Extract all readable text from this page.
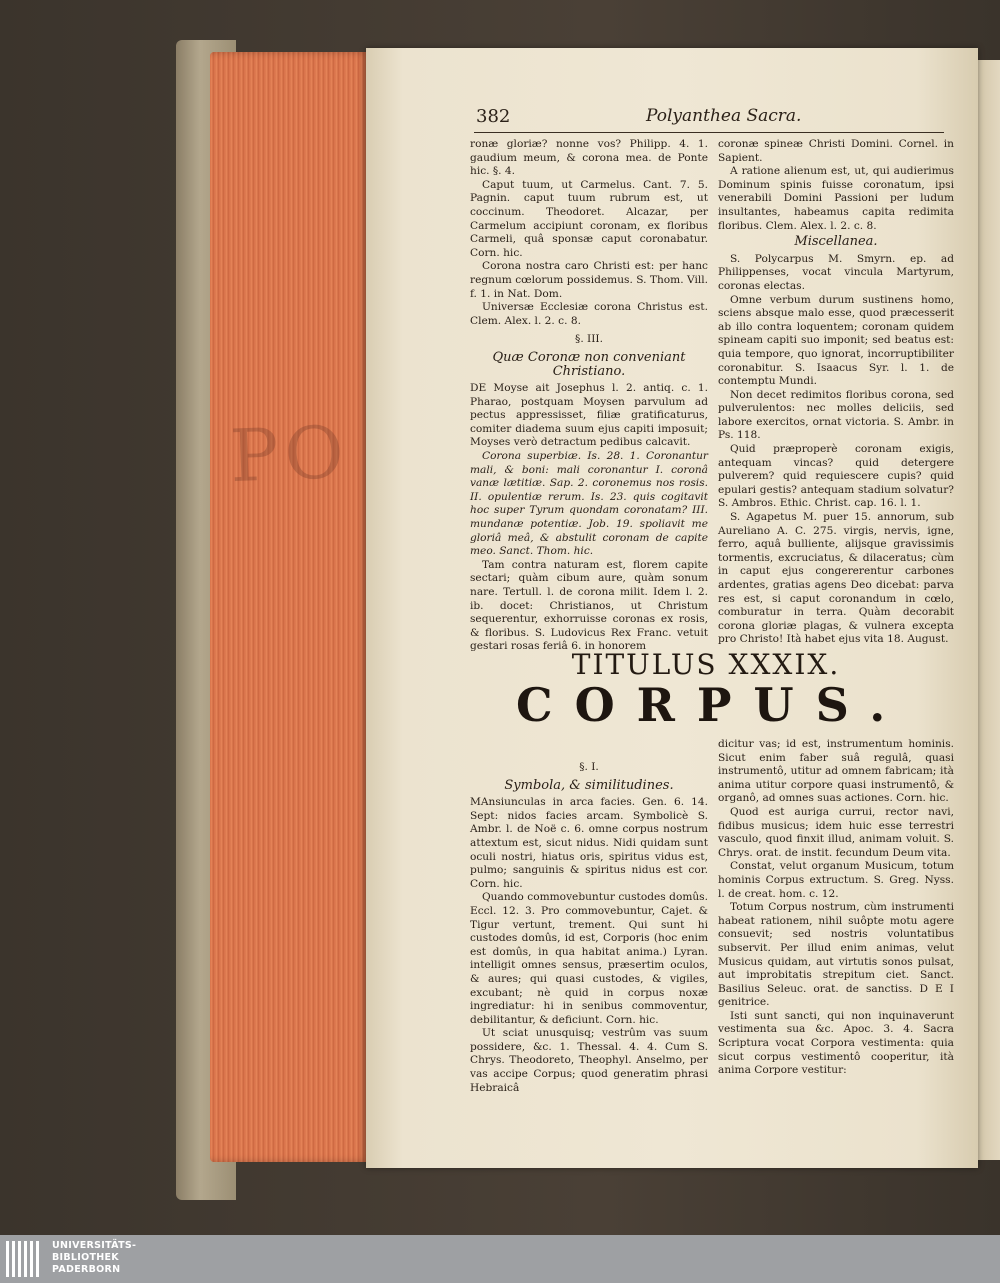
PO
382	Polyanthea Sacra.

ronæ gloriæ? nonne vos? Philipp. 4. 1. gaudium meum, & corona mea. de Ponte hic. §. 4.

Caput tuum, ut Carmelus. Cant. 7. 5. Pagnin. caput tuum rubrum est, ut coccinum. Theodoret. Alcazar, per Carmelum accipiunt coronam, ex floribus Carmeli, quâ sponsæ caput coronabatur. Corn. hic.

Corona nostra caro Christi est: per hanc regnum cœlorum possidemus. S. Thom. Vill. f. 1. in Nat. Dom.

Universæ Ecclesiæ corona Christus est. Clem. Alex. l. 2. c. 8.

§. III.
Quæ Coronæ non conveniant Christiano.

DE Moyse ait Josephus l. 2. antiq. c. 1. Pharao, postquam Moysen parvulum ad pectus appressisset, filiæ gratificaturus, comiter diadema suum ejus capiti imposuit; Moyses verò detractum pedibus calcavit.

Corona superbiæ. Is. 28. 1. Coronantur mali, & boni: mali coronantur I. coronâ vanæ lætitiæ. Sap. 2. coronemus nos rosis. II. opulentiæ rerum. Is. 23. quis cogitavit hoc super Tyrum quondam coronatam? III. mundanæ potentiæ. Job. 19. spoliavit me gloriâ meâ, & abstulit coronam de capite meo. Sanct. Thom. hic.

Tam contra naturam est, florem capite sectari; quàm cibum aure, quàm sonum nare. Tertull. l. de corona milit. Idem l. 2. ib. docet: Christianos, ut Christum sequerentur, exhorruisse coronas ex rosis, & floribus. S. Ludovicus Rex Franc. vetuit gestari rosas feriâ 6. in honorem

coronæ spineæ Christi Domini. Cornel. in Sapient.

A ratione alienum est, ut, qui audierimus Dominum spinis fuisse coronatum, ipsi venerabili Domini Passioni per ludum insultantes, habeamus capita redimita floribus. Clem. Alex. l. 2. c. 8.

Miscellanea.

S. Polycarpus M. Smyrn. ep. ad Philippenses, vocat vincula Martyrum, coronas electas.

Omne verbum durum sustinens homo, sciens absque malo esse, quod præcesserit ab illo contra loquentem; coronam quidem spineam capiti suo imponit; sed beatus est: quia tempore, quo ignorat, incorruptibiliter coronabitur. S. Isaacus Syr. l. 1. de contemptu Mundi.

Non decet redimitos floribus corona, sed pulverulentos: nec molles deliciis, sed labore exercitos, ornat victoria. S. Ambr. in Ps. 118.

Quid præproperè coronam exigis, antequam vincas? quid detergere pulverem? quid requiescere cupis? quid epulari gestis? antequam stadium solvatur? S. Ambros. Ethic. Christ. cap. 16. l. 1.

S. Agapetus M. puer 15. annorum, sub Aureliano A. C. 275. virgis, nervis, igne, ferro, aquâ bulliente, alijsque gravissimis tormentis, excruciatus, & dilaceratus; cùm in caput ejus congererentur carbones ardentes, gratias agens Deo dicebat: parva res est, si caput coronandum in cœlo, comburatur in terra. Quàm decorabit corona gloriæ plagas, & vulnera excepta pro Christo! Ità habet ejus vita 18. August.

TITULUS XXXIX.
CORPUS.
§. I.
Symbola, & similitudines.

MAnsiunculas in arca facies. Gen. 6. 14. Sept: nidos facies arcam. Symbolicè S. Ambr. l. de Noë c. 6. omne corpus nostrum attextum est, sicut nidus. Nidi quidam sunt oculi nostri, hiatus oris, spiritus vidus est, pulmo; sanguinis & spiritus nidus est cor. Corn. hic.

Quando commovebuntur custodes domûs. Eccl. 12. 3. Pro commovebuntur, Cajet. & Tigur vertunt, trement. Qui sunt hi custodes domûs, id est, Corporis (hoc enim est domûs, in qua habitat anima.) Lyran. intelligit omnes sensus, præsertim oculos, & aures; qui quasi custodes, & vigiles, excubant; nè quid in corpus noxæ ingrediatur: hi in senibus commoventur, debilitantur, & deficiunt. Corn. hic.

Ut sciat unusquisq; vestrûm vas suum possidere, &c. 1. Thessal. 4. 4. Cum S. Chrys. Theodoreto, Theophyl. Anselmo, per vas accipe Corpus; quod generatim phrasi Hebraicâ

dicitur vas; id est, instrumentum hominis. Sicut enim faber suâ regulâ, quasi instrumentô, utitur ad omnem fabricam; ità anima utitur corpore quasi instrumentô, & organô, ad omnes suas actiones. Corn. hic.

Quod est auriga currui, rector navi, fidibus musicus; idem huic esse terrestri vasculo, quod finxit illud, animam voluit. S. Chrys. orat. de instit. fecundum Deum vita.

Constat, velut organum Musicum, totum hominis Corpus extructum. S. Greg. Nyss. l. de creat. hom. c. 12.

Totum Corpus nostrum, cùm instrumenti habeat rationem, nihil suôpte motu agere consuevit; sed nostris voluntatibus subservit. Per illud enim animas, velut Musicus quidam, aut virtutis sonos pulsat, aut improbitatis strepitum ciet. Sanct. Basilius Seleuc. orat. de sanctiss. D E I genitrice.

Isti sunt sancti, qui non inquinaverunt vestimenta sua &c. Apoc. 3. 4. Sacra Scriptura vocat Corpora vestimenta: quia sicut corpus vestimentô cooperitur, ità anima Corpore vestitur:

UNIVERSITÄTS-
BIBLIOTHEK
PADERBORN
